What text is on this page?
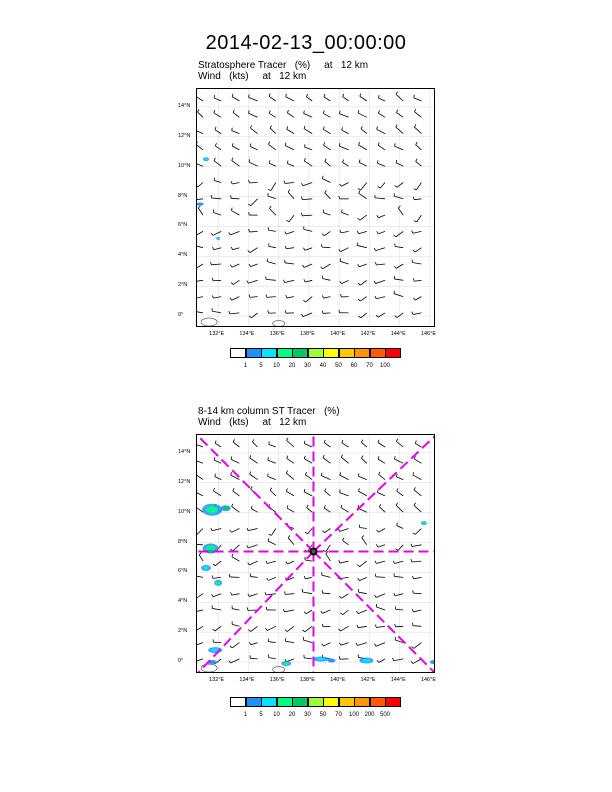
2014-02-13_00:00:00
Stratosphere Tracer   (%)     at   12 km
Wind   (kts)     at   12 km
132°E	134°E	136°E	138°E	140°E	142°E	144°E	146°E
14°N
12°N
10°N
8°N
6°N
4°N
2°N
0°
1	5	10	20	30	40	50	60	70	100
8-14 km column ST Tracer   (%)
Wind   (kts)     at   12 km
132°E	134°E	136°E	138°E	140°E	142°E	144°E	146°E
14°N
12°N
10°N
8°N
6°N
4°N
2°N
0°
1	5	10	20	30	50	70	100 200 500
